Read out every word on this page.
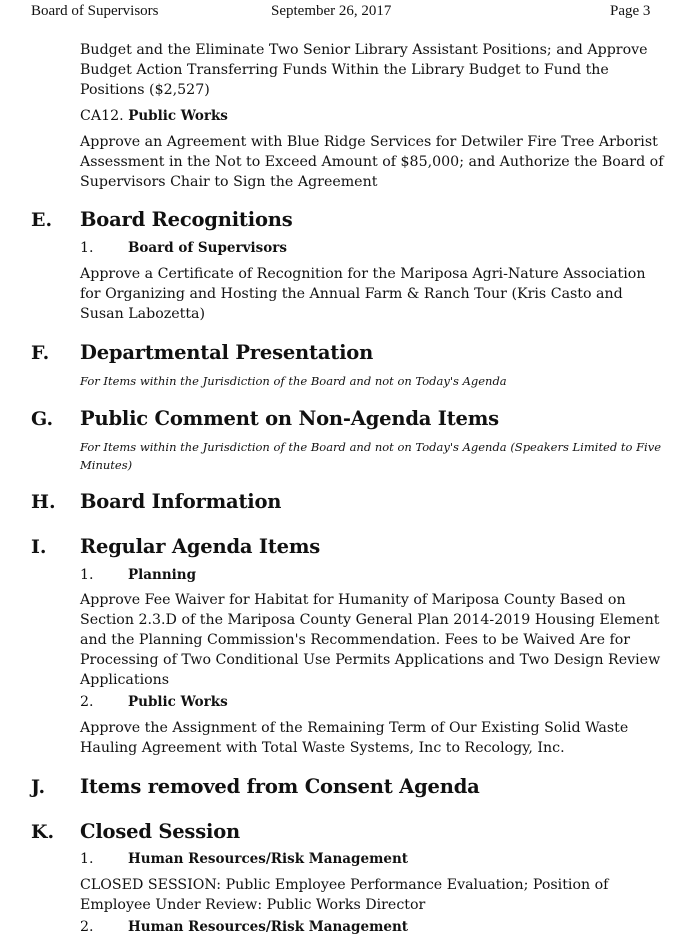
Board of Supervisors	September 26, 2017	Page 3
Budget and the Eliminate Two Senior Library Assistant Positions; and Approve Budget Action Transferring Funds Within the Library Budget to Fund the Positions ($2,527)
CA12. Public Works
Approve an Agreement with Blue Ridge Services for Detwiler Fire Tree Arborist Assessment in the Not to Exceed Amount of $85,000; and Authorize the Board of Supervisors Chair to Sign the Agreement
E. Board Recognitions
1.	Board of Supervisors
Approve a Certificate of Recognition for the Mariposa Agri-Nature Association for Organizing and Hosting the Annual Farm & Ranch Tour (Kris Casto and Susan Labozetta)
F. Departmental Presentation
For Items within the Jurisdiction of the Board and not on Today's Agenda
G. Public Comment on Non-Agenda Items
For Items within the Jurisdiction of the Board and not on Today's Agenda (Speakers Limited to Five Minutes)
H. Board Information
I. Regular Agenda Items
1.	Planning
Approve Fee Waiver for Habitat for Humanity of Mariposa County Based on Section 2.3.D of the Mariposa County General Plan 2014-2019 Housing Element and the Planning Commission's Recommendation. Fees to be Waived Are for Processing of Two Conditional Use Permits Applications and Two Design Review Applications
2.	Public Works
Approve the Assignment of the Remaining Term of Our Existing Solid Waste Hauling Agreement with Total Waste Systems, Inc to Recology, Inc.
J. Items removed from Consent Agenda
K. Closed Session
1.	Human Resources/Risk Management
CLOSED SESSION: Public Employee Performance Evaluation; Position of Employee Under Review: Public Works Director
2.	Human Resources/Risk Management
